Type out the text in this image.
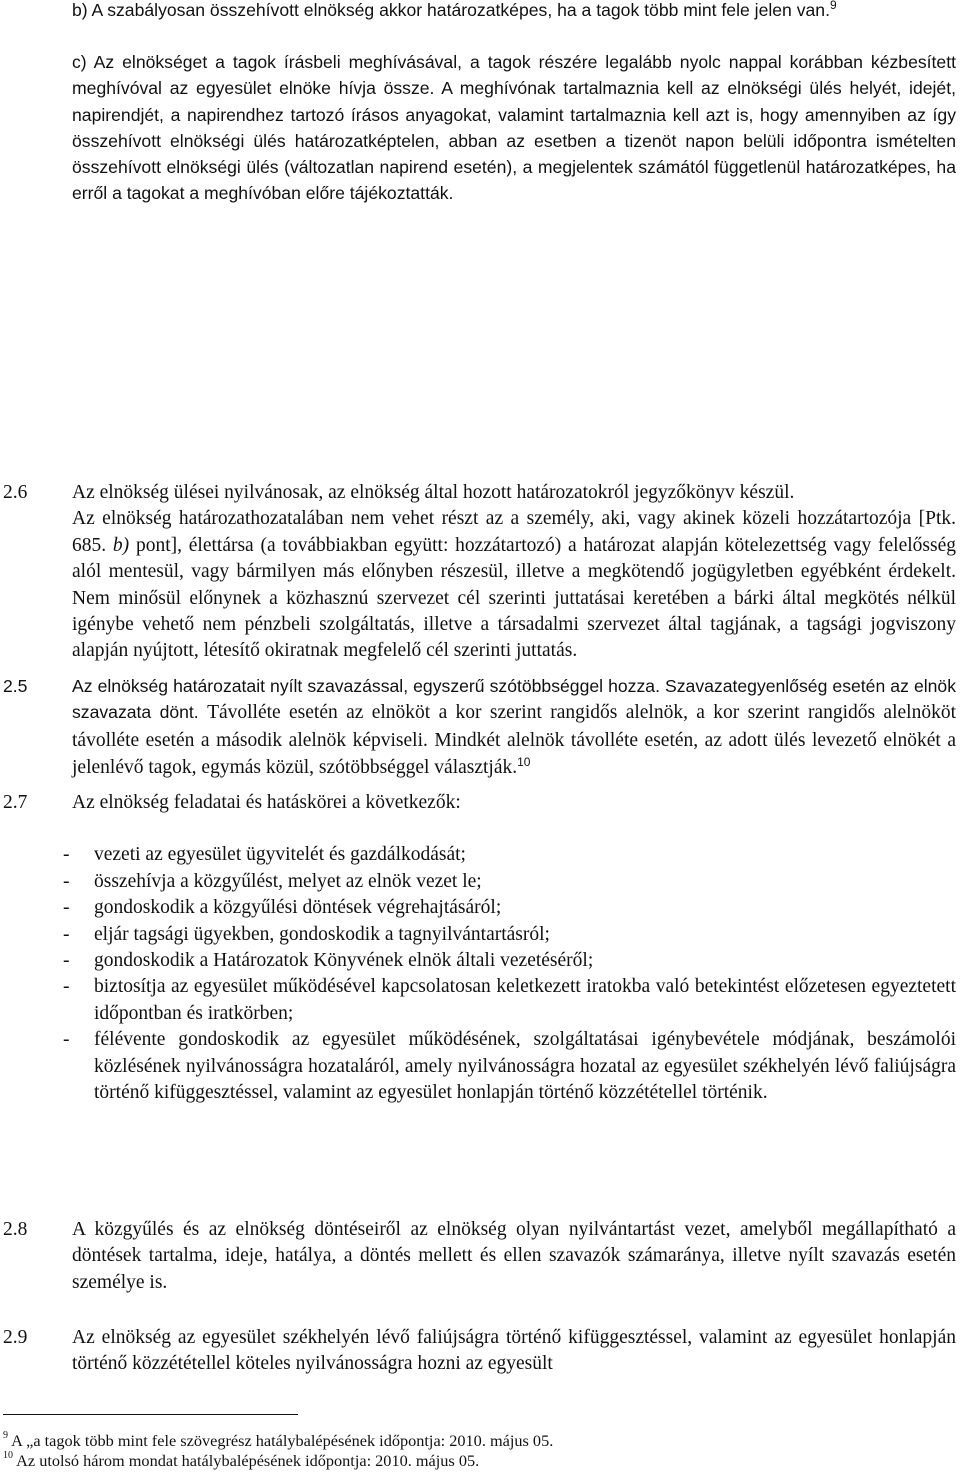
b) A szabályosan összehívott elnökség akkor határozatképes, ha a tagok több mint fele jelen van.$^9$
c) Az elnökséget a tagok írásbeli meghívásával, a tagok részére legalább nyolc nappal korábban kézbesített meghívóval az egyesület elnöke hívja össze. A meghívónak tartalmaznia kell az elnökségi ülés helyét, idejét, napirendjét, a napirendhez tartozó írásos anyagokat, valamint tartalmaznia kell azt is, hogy amennyiben az így összehívott elnökségi ülés határozatképtelen, abban az esetben a tizenöt napon belüli időpontra ismételten összehívott elnökségi ülés (változatlan napirend esetén), a megjelentek számától függetlenül határozatképes, ha erről a tagokat a meghívóban előre tájékoztatták.
2.5	Az elnökség határozatait nyílt szavazással, egyszerű szótöbbséggel hozza. Szavazategyenlőség esetén az elnök szavazata dönt. Távolléte esetén az elnököt a kor szerint rangidős alelnök, a kor szerint rangidős alelnököt távolléte esetén a második alelnök képviseli. Mindkét alelnök távolléte esetén, az adott ülés levezető elnökét a jelenlévő tagok, egymás közül, szótöbbséggel választják.$^{10}$
2.6 Az elnökség ülései nyilvánosak, az elnökség által hozott határozatokról jegyzőkönyv készül.
Az elnökség határozathozatalában nem vehet részt az a személy, aki, vagy akinek közeli hozzátartozója [Ptk. 685. b) pont], élettársa (a továbbiakban együtt: hozzátartozó) a határozat alapján kötelezettség vagy felelősség alól mentesül, vagy bármilyen más előnyben részesül, illetve a megkötendő jogügyletben egyébként érdekelt. Nem minősül előnynek a közhasznú szervezet cél szerinti juttatásai keretében a bárki által megkötés nélkül igénybe vehető nem pénzbeli szolgáltatás, illetve a társadalmi szervezet által tagjának, a tagsági jogviszony alapján nyújtott, létesítő okiratnak megfelelő cél szerinti juttatás.
2.7 Az elnökség feladatai és hatáskörei a következők:
- vezeti az egyesület ügyvitelét és gazdálkodását;
- összehívja a közgyűlést, melyet az elnök vezet le;
- gondoskodik a közgyűlési döntések végrehajtásáról;
- eljár tagsági ügyekben, gondoskodik a tagnyilvántartásról;
- gondoskodik a Határozatok Könyvének elnök általi vezetéséről;
- biztosítja az egyesület működésével kapcsolatosan keletkezett iratokba való betekintést előzetesen egyeztetett időpontban és iratkörben;
- félévente gondoskodik az egyesület működésének, szolgáltatásai igénybevétele módjának, beszámolói közlésének nyilvánosságra hozataláról, amely nyilvánosságra hozatal az egyesület székhelyén lévő faliújságra történő kifüggesztéssel, valamint az egyesület honlapján történő közzététellel történik.
2.8 A közgyűlés és az elnökség döntéseiről az elnökség olyan nyilvántartást vezet, amelyből megállapítható a döntések tartalma, ideje, hatálya, a döntés mellett és ellen szavazók számaránya, illetve nyílt szavazás esetén személye is.
2.9 Az elnökség az egyesület székhelyén lévő faliújságra történő kifüggesztéssel, valamint az egyesület honlapján történő közzététellel köteles nyilvánosságra hozni az egyesült
$^9$ A „a tagok több mint fele szövegrész hatálybalépésének időpontja: 2010. május 05.
$^{10}$ Az utolsó három mondat hatálybalépésének időpontja: 2010. május 05.
